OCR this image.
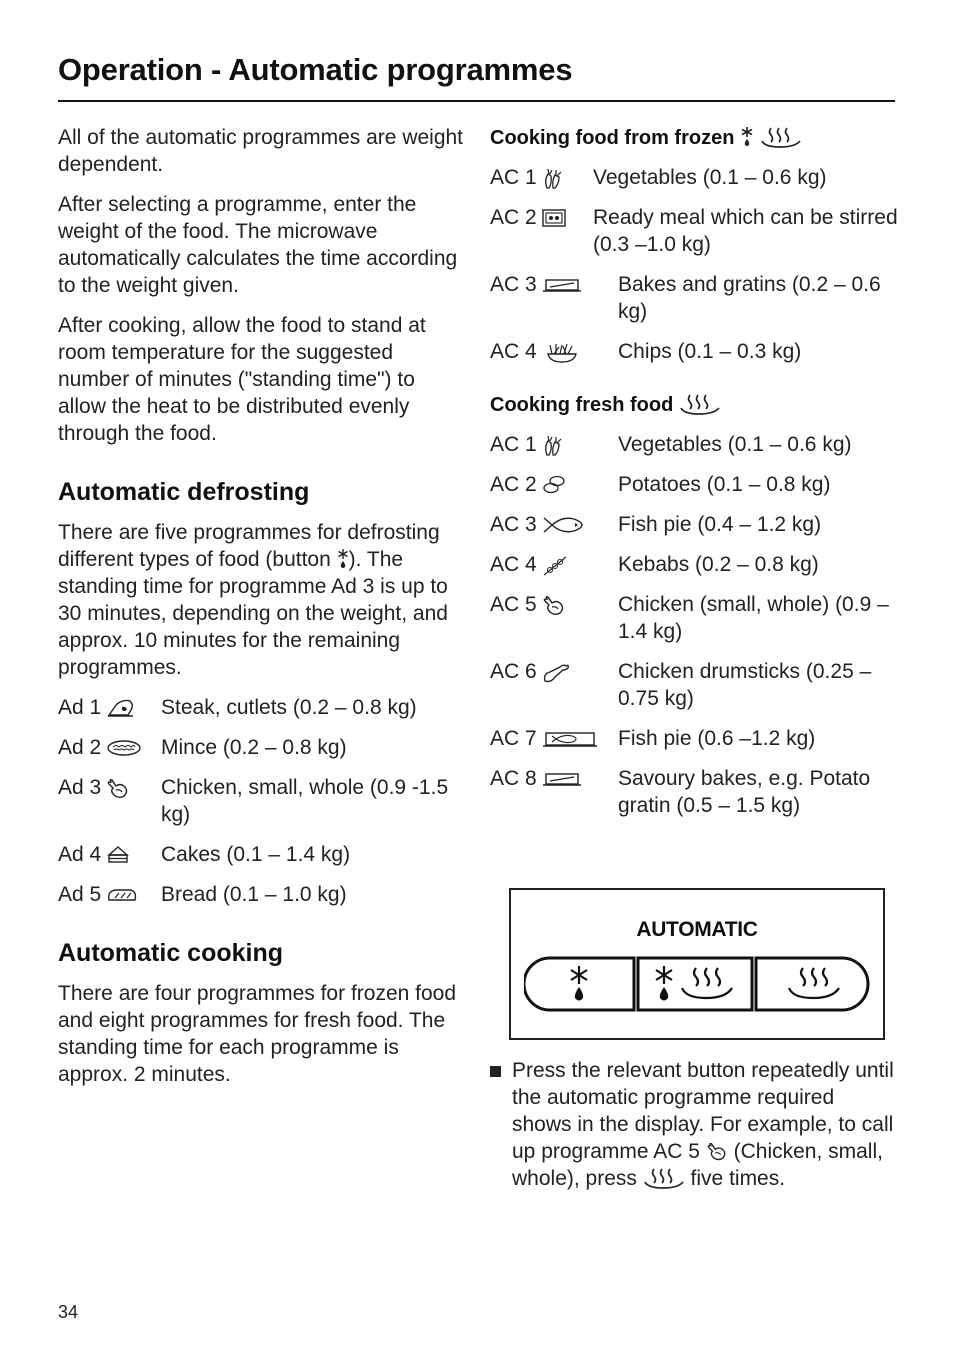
Operation - Automatic programmes

All of the automatic programmes are weight dependent.

After selecting a programme, enter the weight of the food. The microwave automatically calculates the time according to the weight given.

After cooking, allow the food to stand at room temperature for the suggested number of minutes ("standing time") to allow the heat to be distributed evenly through the food.

Automatic defrosting

There are five programmes for defrosting different types of food (button ). The standing time for programme Ad 3 is up to 30 minutes, depending on the weight, and approx. 10 minutes for the remaining programmes.

Ad 1	Steak, cutlets (0.2 – 0.8 kg)
Ad 2	Mince (0.2 – 0.8 kg)
Ad 3	Chicken, small, whole (0.9 -1.5 kg)
Ad 4	Cakes (0.1 – 1.4 kg)
Ad 5	Bread (0.1 – 1.0 kg)
Automatic cooking

There are four programmes for frozen food and eight programmes for fresh food. The standing time for each programme is approx. 2 minutes.

Cooking food from frozen
AC 1	Vegetables (0.1 – 0.6 kg)
AC 2	Ready meal which can be stirred (0.3 –1.0 kg)
AC 3	Bakes and gratins (0.2 – 0.6 kg)
AC 4	Chips (0.1 – 0.3 kg)
Cooking fresh food
AC 1	Vegetables (0.1 – 0.6 kg)
AC 2	Potatoes (0.1 – 0.8 kg)
AC 3	Fish pie (0.4 – 1.2 kg)
AC 4	Kebabs (0.2 – 0.8 kg)
AC 5	Chicken (small, whole) (0.9 – 1.4 kg)
AC 6	Chicken drumsticks (0.25 – 0.75 kg)
AC 7	Fish pie (0.6 –1.2 kg)
AC 8	Savoury bakes, e.g. Potato gratin (0.5 – 1.5 kg)
AUTOMATIC
Press the relevant button repeatedly until the automatic programme required shows in the display. For example, to call up programme AC 5  (Chicken, small, whole), press  five times.
34
